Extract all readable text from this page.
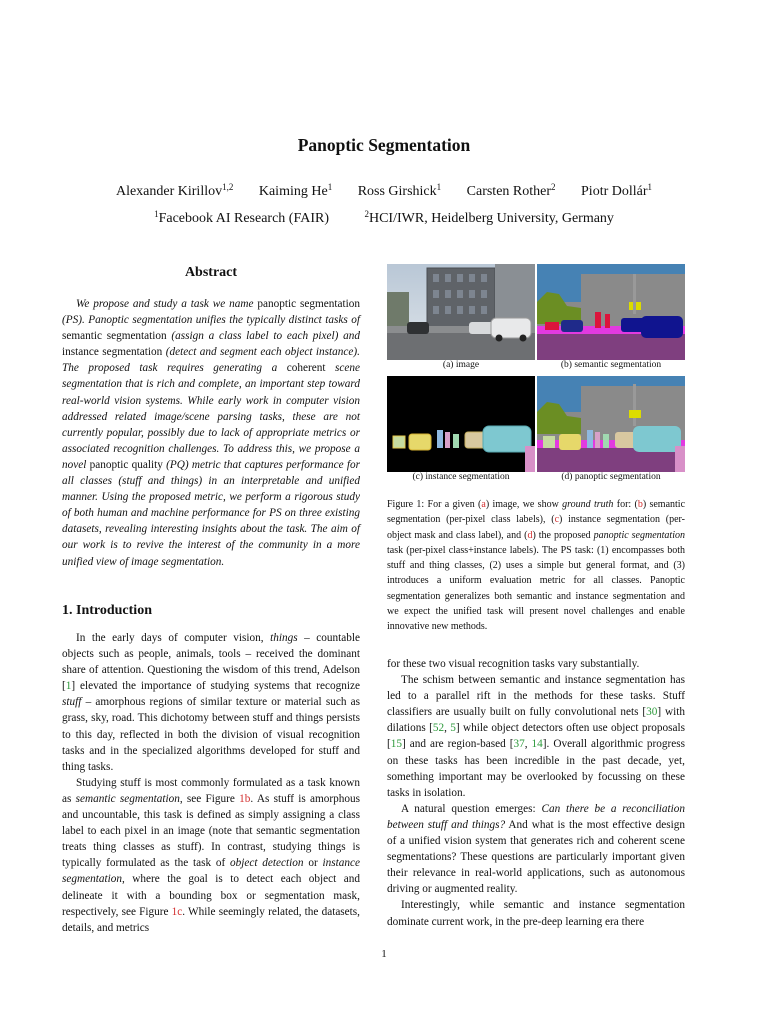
Panoptic Segmentation
Alexander Kirillov$^{1,2}$ Kaiming He$^1$ Ross Girshick$^1$ Carsten Rother$^2$ Piotr Dollár$^1$
$^1$Facebook AI Research (FAIR)	$^2$HCI/IWR, Heidelberg University, Germany
Abstract

We propose and study a task we name panoptic segmentation (PS). Panoptic segmentation unifies the typically distinct tasks of semantic segmentation (assign a class label to each pixel) and instance segmentation (detect and segment each object instance). The proposed task requires generating a coherent scene segmentation that is rich and complete, an important step toward real-world vision systems. While early work in computer vision addressed related image/scene parsing tasks, these are not currently popular, possibly due to lack of appropriate metrics or associated recognition challenges. To address this, we propose a novel panoptic quality (PQ) metric that captures performance for all classes (stuff and things) in an interpretable and unified manner. Using the proposed metric, we perform a rigorous study of both human and machine performance for PS on three existing datasets, revealing interesting insights about the task. The aim of our work is to revive the interest of the community in a more unified view of image segmentation.

1. Introduction

In the early days of computer vision, things – countable objects such as people, animals, tools – received the dominant share of attention. Questioning the wisdom of this trend, Adelson [1] elevated the importance of studying systems that recognize stuff – amorphous regions of similar texture or material such as grass, sky, road. This dichotomy between stuff and things persists to this day, reflected in both the division of visual recognition tasks and in the specialized algorithms developed for stuff and thing tasks.

Studying stuff is most commonly formulated as a task known as semantic segmentation, see Figure 1b. As stuff is amorphous and uncountable, this task is defined as simply assigning a class label to each pixel in an image (note that semantic segmentation treats thing classes as stuff). In contrast, studying things is typically formulated as the task of object detection or instance segmentation, where the goal is to detect each object and delineate it with a bounding box or segmentation mask, respectively, see Figure 1c. While seemingly related, the datasets, details, and metrics

(a) image	(b) semantic segmentation
(c) instance segmentation	(d) panoptic segmentation
Figure 1: For a given (a) image, we show ground truth for: (b) semantic segmentation (per-pixel class labels), (c) instance segmentation (per-object mask and class label), and (d) the proposed panoptic segmentation task (per-pixel class+instance labels). The PS task: (1) encompasses both stuff and thing classes, (2) uses a simple but general format, and (3) introduces a uniform evaluation metric for all classes. Panoptic segmentation generalizes both semantic and instance segmentation and we expect the unified task will present novel challenges and enable innovative new methods.

for these two visual recognition tasks vary substantially.

The schism between semantic and instance segmentation has led to a parallel rift in the methods for these tasks. Stuff classifiers are usually built on fully convolutional nets [30] with dilations [52, 5] while object detectors often use object proposals [15] and are region-based [37, 14]. Overall algorithmic progress on these tasks has been incredible in the past decade, yet, something important may be overlooked by focussing on these tasks in isolation.

A natural question emerges: Can there be a reconciliation between stuff and things? And what is the most effective design of a unified vision system that generates rich and coherent scene segmentations? These questions are particularly important given their relevance in real-world applications, such as autonomous driving or augmented reality.

Interestingly, while semantic and instance segmentation dominate current work, in the pre-deep learning era there

1
